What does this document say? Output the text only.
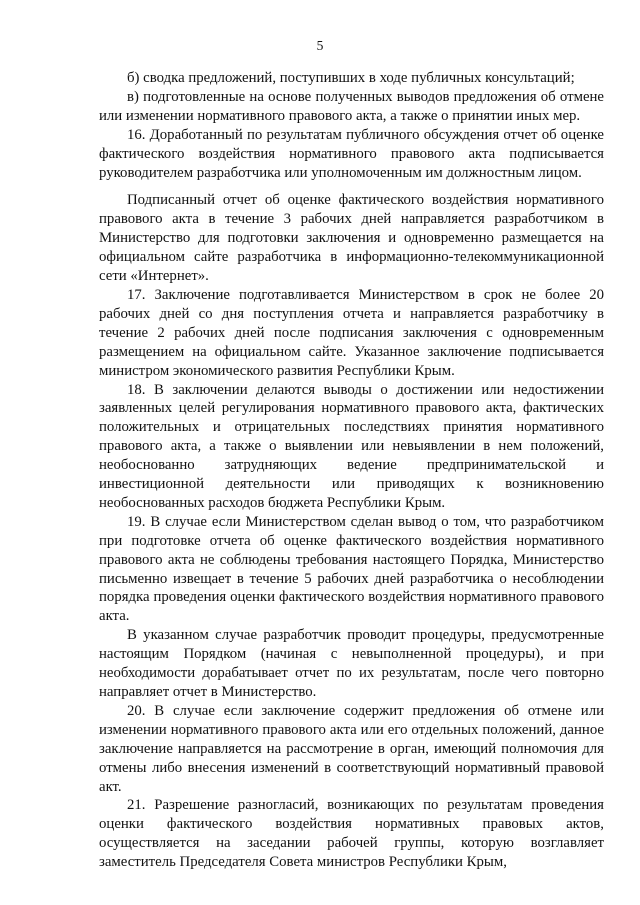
5

б) сводка предложений, поступивших в ходе публичных консультаций;

в) подготовленные на основе полученных выводов предложения об отмене или изменении нормативного правового акта, а также о принятии иных мер.

16. Доработанный по результатам публичного обсуждения отчет об оценке фактического воздействия нормативного правового акта подписывается руководителем разработчика или уполномоченным им должностным лицом.

Подписанный отчет об оценке фактического воздействия нормативного правового акта в течение 3 рабочих дней направляется разработчиком в Министерство для подготовки заключения и одновременно размещается на официальном сайте разработчика в информационно-телекоммуникационной сети «Интернет».

17. Заключение подготавливается Министерством в срок не более 20 рабочих дней со дня поступления отчета и направляется разработчику в течение 2 рабочих дней после подписания заключения с одновременным размещением на официальном сайте. Указанное заключение подписывается министром экономического развития Республики Крым.

18. В заключении делаются выводы о достижении или недостижении заявленных целей регулирования нормативного правового акта, фактических положительных и отрицательных последствиях принятия нормативного правового акта, а также о выявлении или невыявлении в нем положений, необоснованно затрудняющих ведение предпринимательской и инвестиционной деятельности или приводящих к возникновению необоснованных расходов бюджета Республики Крым.

19. В случае если Министерством сделан вывод о том, что разработчиком при подготовке отчета об оценке фактического воздействия нормативного правового акта не соблюдены требования настоящего Порядка, Министерство письменно извещает в течение 5 рабочих дней разработчика о несоблюдении порядка проведения оценки фактического воздействия нормативного правового акта.

В указанном случае разработчик проводит процедуры, предусмотренные настоящим Порядком (начиная с невыполненной процедуры), и при необходимости дорабатывает отчет по их результатам, после чего повторно направляет отчет в Министерство.

20. В случае если заключение содержит предложения об отмене или изменении нормативного правового акта или его отдельных положений, данное заключение направляется на рассмотрение в орган, имеющий полномочия для отмены либо внесения изменений в соответствующий нормативный правовой акт.

21. Разрешение разногласий, возникающих по результатам проведения оценки фактического воздействия нормативных правовых актов, осуществляется на заседании рабочей группы, которую возглавляет заместитель Председателя Совета министров Республики Крым,
